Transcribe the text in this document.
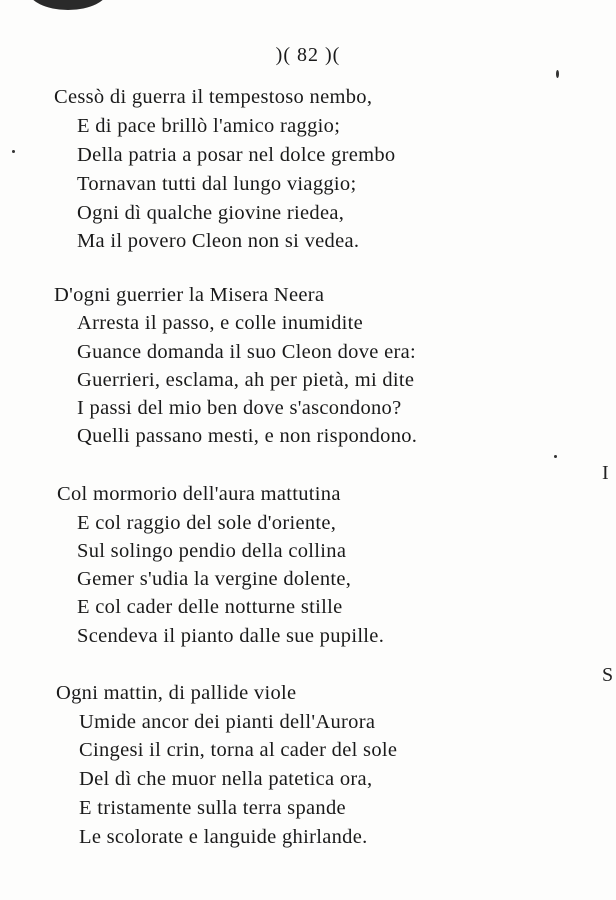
I
S
)( 82 )(
Cessò di guerra il tempestoso nembo,
E di pace brillò l'amico raggio;
Della patria a posar nel dolce grembo
Tornavan tutti dal lungo viaggio;
Ogni dì qualche giovine riedea,
Ma il povero Cleon non si vedea.
D'ogni guerrier la Misera Neera
Arresta il passo, e colle inumidite
Guance domanda il suo Cleon dove era:
Guerrieri, esclama, ah per pietà, mi dite
I passi del mio ben dove s'ascondono?
Quelli passano mesti, e non rispondono.
Col mormorio dell'aura mattutina
E col raggio del sole d'oriente,
Sul solingo pendio della collina
Gemer s'udia la vergine dolente,
E col cader delle notturne stille
Scendeva il pianto dalle sue pupille.
Ogni mattin, di pallide viole
Umide ancor dei pianti dell'Aurora
Cingesi il crin, torna al cader del sole
Del dì che muor nella patetica ora,
E tristamente sulla terra spande
Le scolorate e languide ghirlande.
